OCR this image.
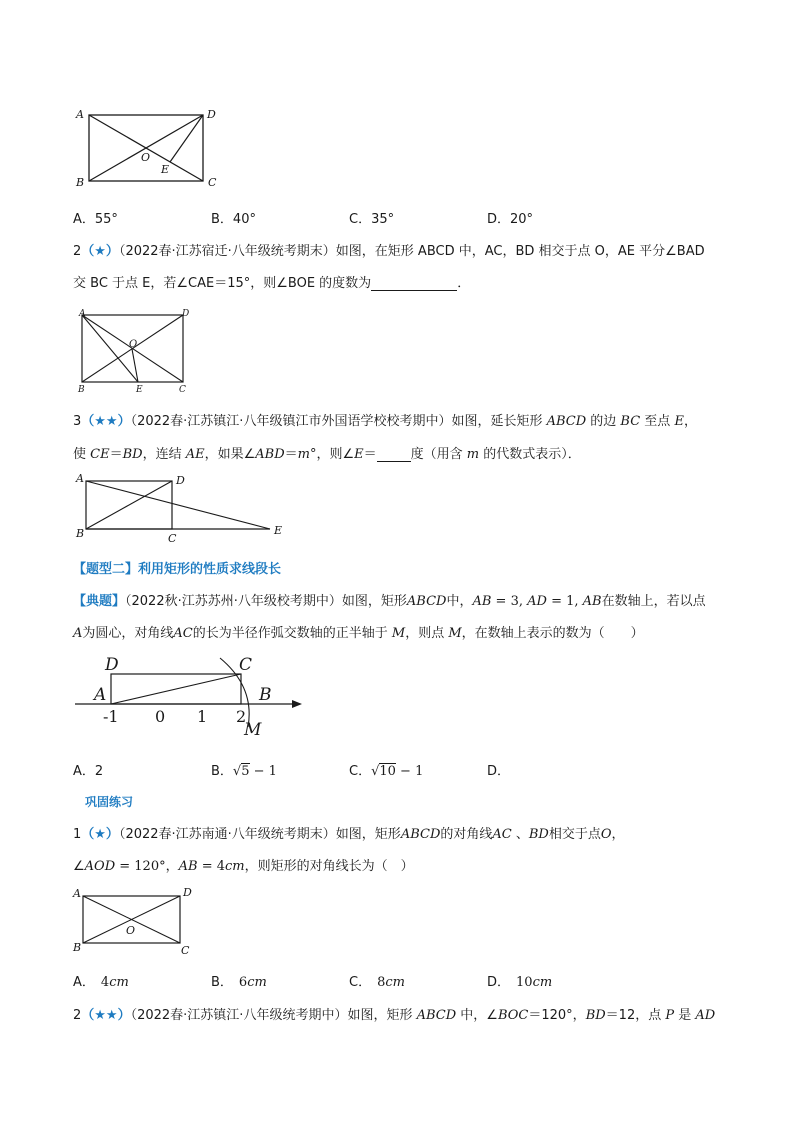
A	D
O
E
B	C
A．55°	B．40°	C．35°	D．20°
2（★）（2022春·江苏宿迁·八年级统考期末）如图，在矩形 ABCD 中，AC，BD 相交于点 O，AE 平分∠BAD
交 BC 于点 E，若∠CAE＝15°，则∠BOE 的度数为	．
A	D
O
B	E	C
3（★★）（2022春·江苏镇江·八年级镇江市外国语学校校考期中）如图，延长矩形 ABCD 的边 BC 至点 E，
使 CE＝BD，连结 AE，如果∠ABD＝m°，则∠E＝	度（用含 m 的代数式表示）．
A	D
B	C
E
【题型二】利用矩形的性质求线段长
【典题】（2022秋·江苏苏州·八年级校考期中）如图，矩形ABCD中，AB = 3, AD = 1, AB在数轴上，若以点
A为圆心，对角线AC的长为半径作弧交数轴的正半轴于 M，则点 M，在数轴上表示的数为（　　）
D	C
A	B
M
-1 0 1 2
A．2	B．√5 − 1	C．√10 − 1	D．
巩固练习
1（★）（2022春·江苏南通·八年级统考期末）如图，矩形ABCD的对角线AC 、BD相交于点O，
∠AOD = 120°，AB = 4cm，则矩形的对角线长为（　）
A	D
O
B	C
A． 4cm	B． 6cm	C． 8cm	D． 10cm
2（★★）（2022春·江苏镇江·八年级统考期中）如图，矩形 ABCD 中，∠BOC＝120°，BD＝12，点 P 是 AD
